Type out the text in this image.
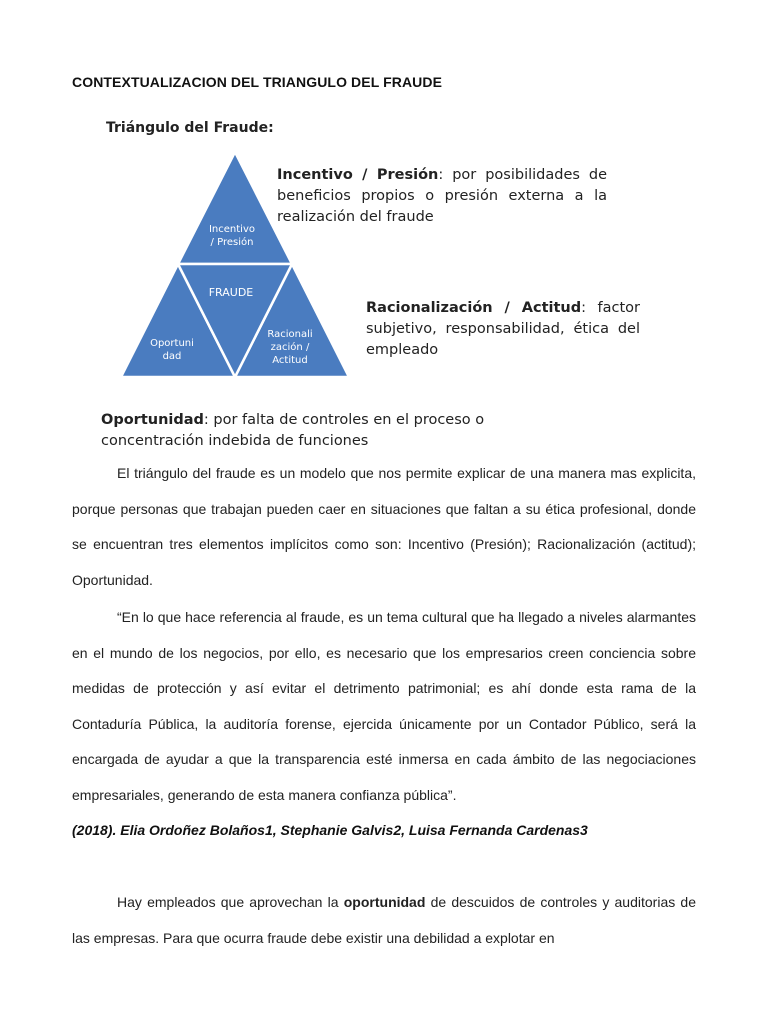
CONTEXTUALIZACION DEL TRIANGULO DEL FRAUDE
Triángulo del Fraude:
Incentivo
/ Presión
FRAUDE
Oportuni
dad
Racionali
zación /
Actitud
Incentivo / Presión: por posibilidades de beneficios propios o presión externa a la realización del fraude
Racionalización / Actitud: factor subjetivo, responsabilidad, ética del empleado
Oportunidad: por falta de controles en el proceso o concentración indebida de funciones

El triángulo del fraude es un modelo que nos permite explicar de una manera mas explicita, porque personas que trabajan pueden caer en situaciones que faltan a su ética profesional, donde se encuentran tres elementos implícitos como son: Incentivo (Presión); Racionalización (actitud); Oportunidad.

“En lo que hace referencia al fraude, es un tema cultural que ha llegado a niveles alarmantes en el mundo de los negocios, por ello, es necesario que los empresarios creen conciencia sobre medidas de protección y así evitar el detrimento patrimonial; es ahí donde esta rama de la Contaduría Pública, la auditoría forense, ejercida únicamente por un Contador Público, será la encargada de ayudar a que la transparencia esté inmersa en cada ámbito de las negociaciones empresariales, generando de esta manera confianza pública”.

(2018). Elia Ordoñez Bolaños1, Stephanie Galvis2, Luisa Fernanda Cardenas3

Hay empleados que aprovechan la oportunidad de descuidos de controles y auditorias de las empresas. Para que ocurra fraude debe existir una debilidad a explotar en
